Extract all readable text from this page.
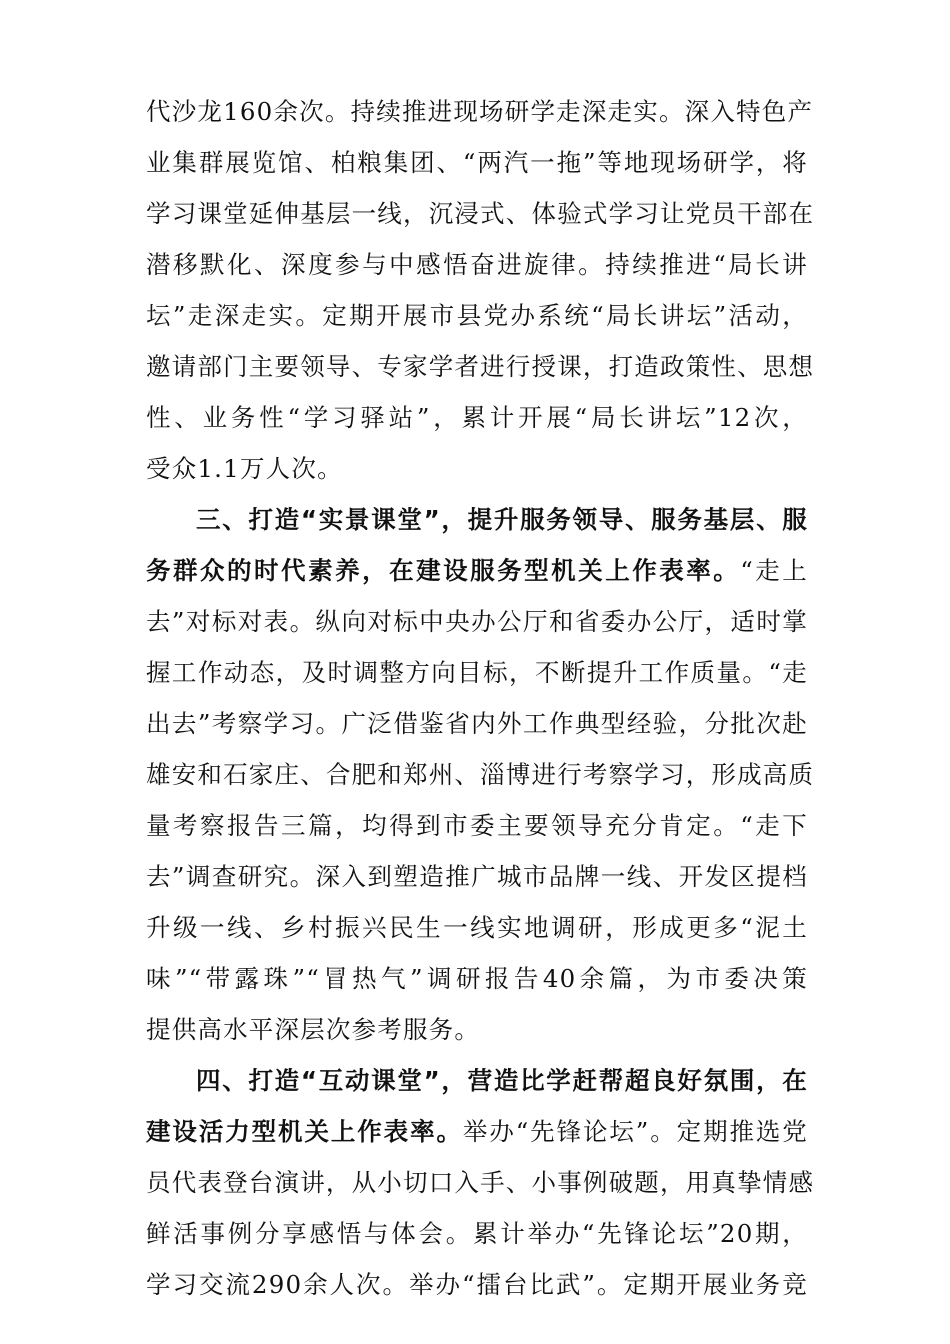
代沙龙160余次。持续推进现场研学走深走实。深入特色产
业集群展览馆、柏粮集团、“两汽一拖”等地现场研学，将
学习课堂延伸基层一线，沉浸式、体验式学习让党员干部在
潜移默化、深度参与中感悟奋进旋律。持续推进“局长讲
坛”走深走实。定期开展市县党办系统“局长讲坛”活动，
邀请部门主要领导、专家学者进行授课，打造政策性、思想
性、业务性“学习驿站”，累计开展“局长讲坛”12次，
受众1.1万人次。
三、打造“实景课堂”，提升服务领导、服务基层、服
务群众的时代素养，在建设服务型机关上作表率。“走上
去”对标对表。纵向对标中央办公厅和省委办公厅，适时掌
握工作动态，及时调整方向目标，不断提升工作质量。“走
出去”考察学习。广泛借鉴省内外工作典型经验，分批次赴
雄安和石家庄、合肥和郑州、淄博进行考察学习，形成高质
量考察报告三篇，均得到市委主要领导充分肯定。“走下
去”调查研究。深入到塑造推广城市品牌一线、开发区提档
升级一线、乡村振兴民生一线实地调研，形成更多“泥土
味”“带露珠”“冒热气”调研报告40余篇，为市委决策
提供高水平深层次参考服务。
四、打造“互动课堂”，营造比学赶帮超良好氛围，在
建设活力型机关上作表率。举办“先锋论坛”。定期推选党
员代表登台演讲，从小切口入手、小事例破题，用真挚情感
鲜活事例分享感悟与体会。累计举办“先锋论坛”20期，
学习交流290余人次。举办“擂台比武”。定期开展业务竞
